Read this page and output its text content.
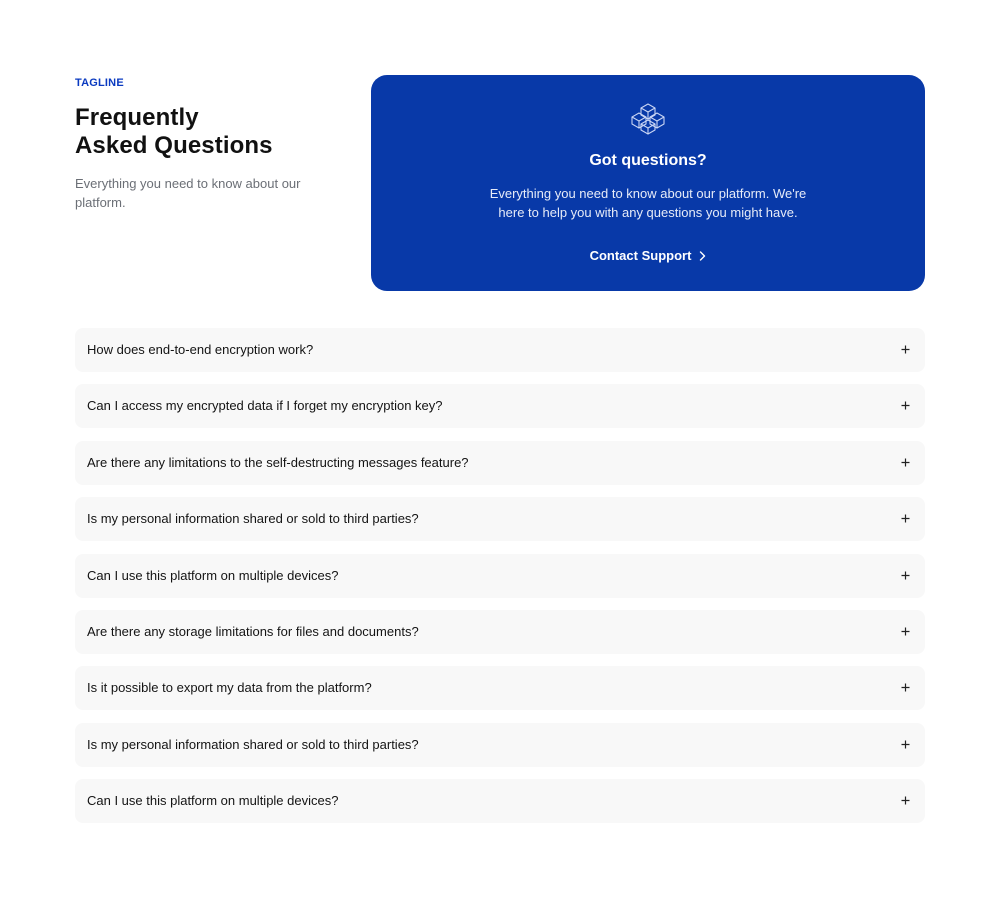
TAGLINE

Frequently
Asked Questions

Everything you need to know about our platform.

Got questions?

Everything you need to know about our platform. We're here to help you with any questions you might have.

Contact Support
How does end-to-end encryption work?
Can I access my encrypted data if I forget my encryption key?
Are there any limitations to the self-destructing messages feature?
Is my personal information shared or sold to third parties?
Can I use this platform on multiple devices?
Are there any storage limitations for files and documents?
Is it possible to export my data from the platform?
Is my personal information shared or sold to third parties?
Can I use this platform on multiple devices?
